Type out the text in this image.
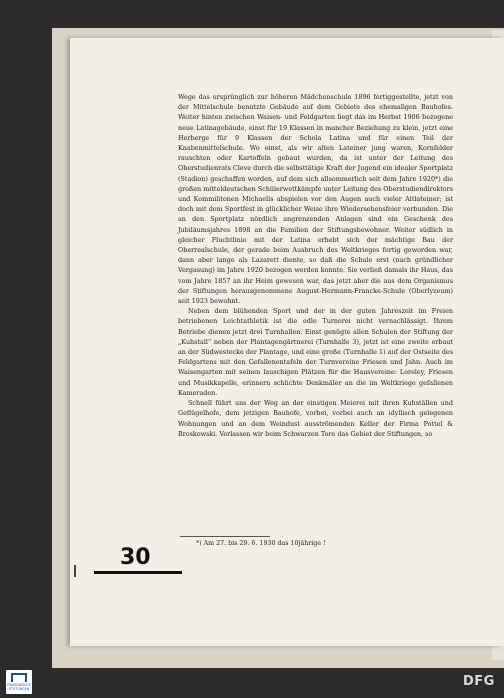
Wege das ursprünglich zur höheren Mädchenschule 1896 fertiggestellte, jetzt von der Mittelschule benutzte Gebäude auf dem Gebiete des ehemaligen Bauhofes. Weiter hinten zwischen Waisen- und Feldgarten liegt das im Herbst 1906 bezogene neue Latinagebäude, einst für 19 Klassen in mancher Beziehung zu klein, jetzt eine Herberge für 9 Klassen der Schola Latina und für einen Teil der Knabenmittelschule. Wo einst, als wir alten Lateiner jung waren, Kornfelder rauschten oder Kartoffeln gebaut wurden, da ist unter der Leitung des Oberstudienrats Cleve durch die selbsttätige Kraft der Jugend ein idealer Sportplatz (Stadion) geschaffen worden, auf dem sich allsommerlich seit dem Jahre 1920*) die großen mitteldeutschen Schülerwettkämpfe unter Leitung des Oberstudiendirektors und Kommilitonen Michaelis abspielen vor den Augen auch vieler Altlateiner; ist doch mit dem Sportfest in glücklicher Weise ihre Wiedersehensfeier verbunden. Die an den Sportplatz nördlich angrenzenden Anlagen sind ein Geschenk des Jubiläumsjahres 1898 an die Familien der Stiftungsbewohner. Weiter südlich in gleicher Fluchtlinie mit der Latina erhebt sich der mächtige Bau der Oberrealschule, der gerade beim Ausbruch des Weltkrieges fertig geworden war, dann aber lange als Lazarett diente, so daß die Schule erst (nach gründlicher Vergasung) im Jahre 1920 bezogen werden konnte. Sie verließ damals ihr Haus, das vom Jahre 1857 an ihr Heim gewesen war, das jetzt aber die aus dem Organismus der Stiftungen herausgenommene August-Hermann-Francke-Schule (Oberlyzeum) seit 1923 bewohnt.

Neben dem blühenden Sport und der in der guten Jahreszeit im Freien betriebenen Leichtathletik ist die edle Turnerei nicht vernachlässigt. Ihrem Betriebe dienen jetzt drei Turnhallen. Einst genügte allen Schulen der Stiftung der „Kuhstall“ neben der Plantagengärtnerei (Turnhalle 3), jetzt ist eine zweite erbaut an der Südwestecke der Plantage, und eine große (Turnhalle 1) auf der Ostseite des Feldgartens mit den Gefallenentafeln der Turnvereine Friesen und Jahn. Auch im Waisengarten mit seinen lauschigen Plätzen für die Hausvereine: Loreley, Friesen und Musikkapelle, erinnern schlichte Denkmäler an die im Weltkriege gefallenen Kameraden.

Schnell führt uns der Weg an der einstigen Meierei mit ihren Kuhställen und Geflügelhofe, dem jetzigen Bauhofe, vorbei, vorbei auch an idyllisch gelegenen Wohnungen und an dem Weindust ausströmenden Keller der Firma Pottel & Broskowski. Verlassen wir beim Schwarzen Tore das Gebiet der Stiftungen, so

*) Am 27. bis 29. 6. 1930 das 10jährige !
30
FRANCKESCHE STIFTUNGEN	DFG
